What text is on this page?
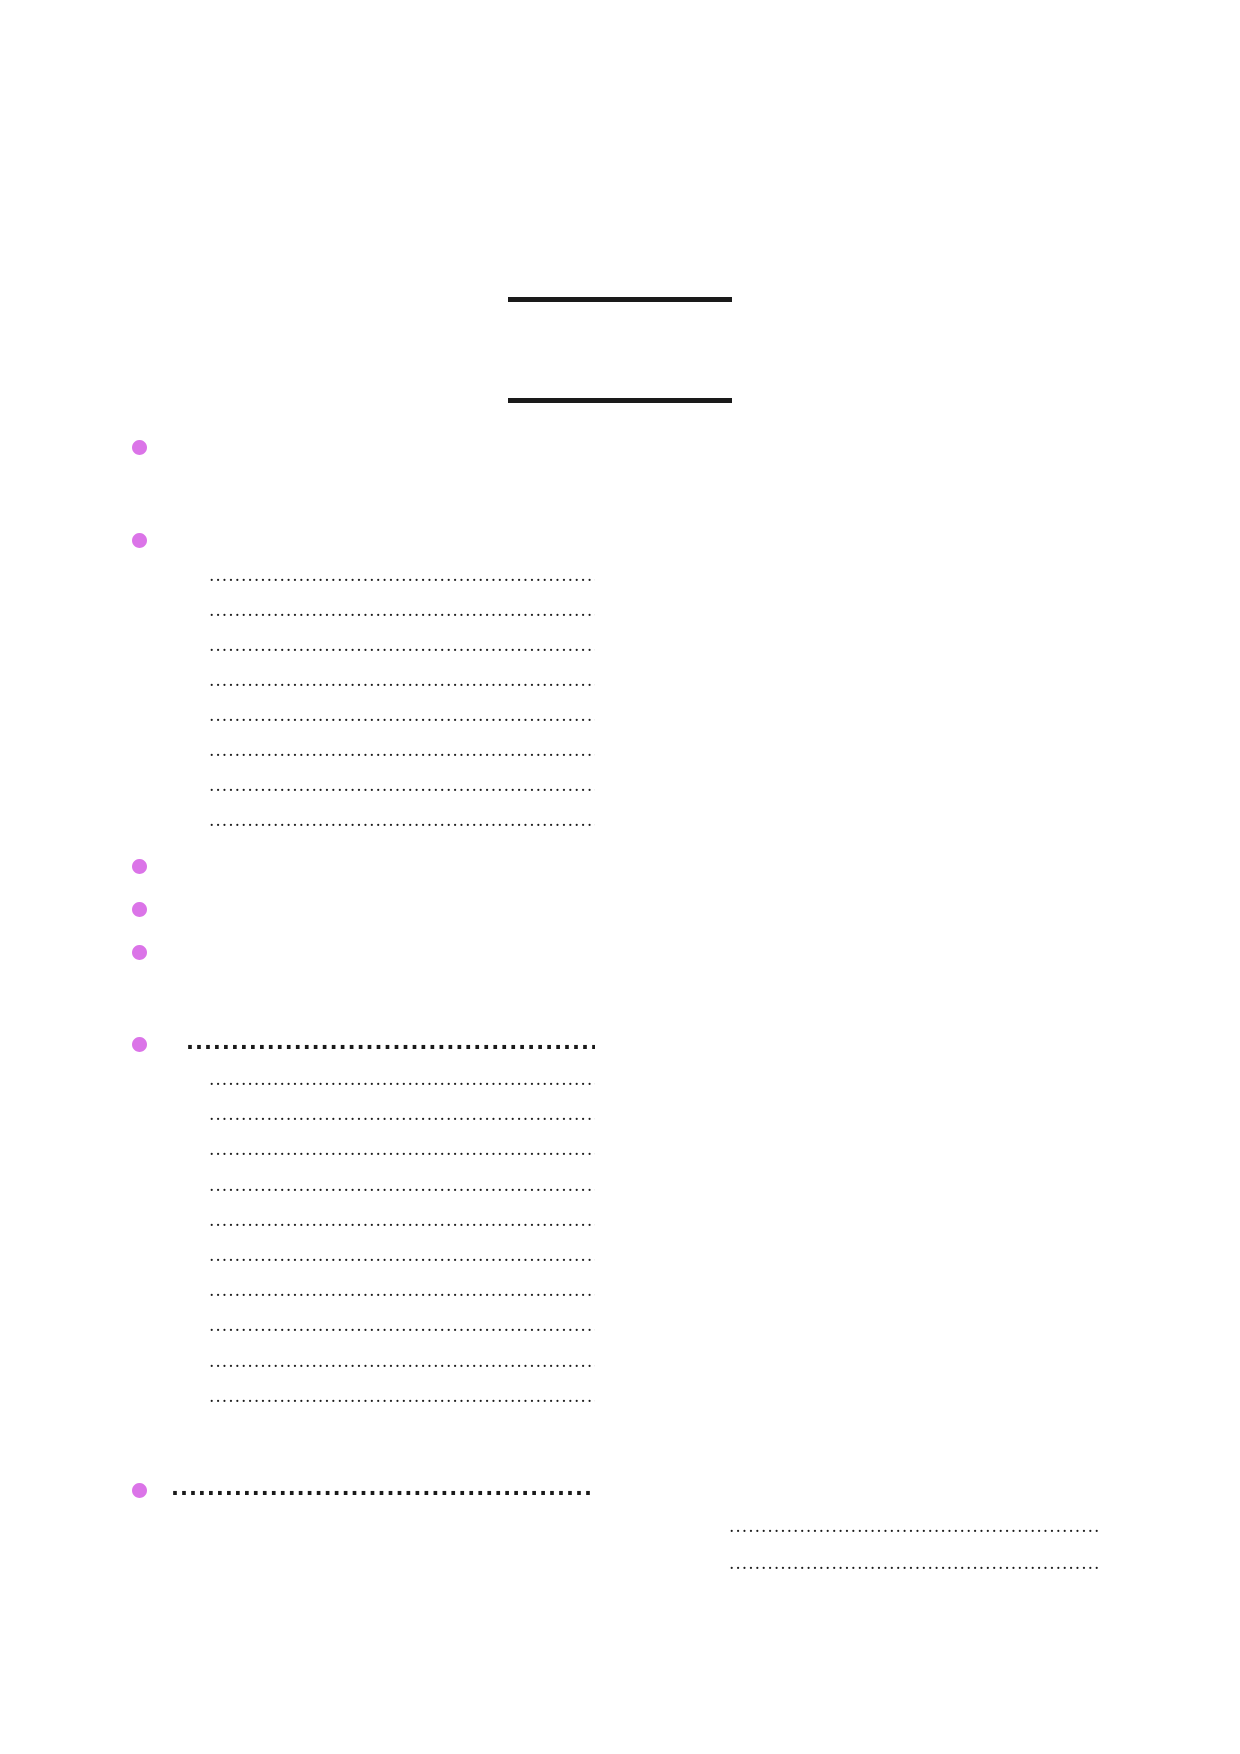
.....
.....
.....
.....
.....
.....
.....
.....
.....
.....
.....
.....
.....
.....
.....
.....
.....
.....
.....
.....
.....
.....
